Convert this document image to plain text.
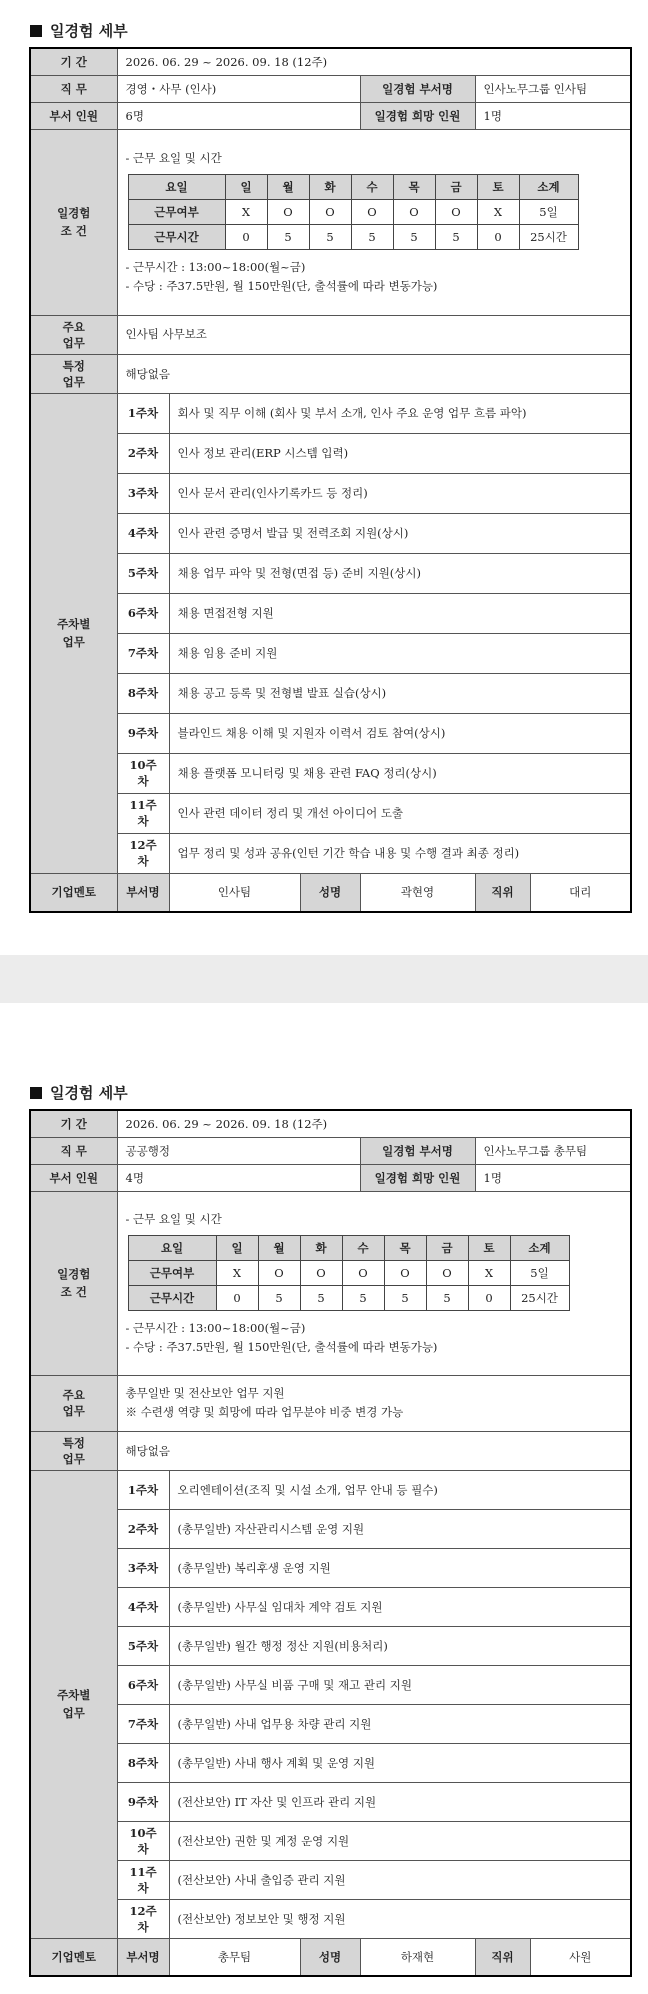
일경험 세부
기 간	2026. 06. 29 ~ 2026. 09. 18 (12주)
직 무	경영・사무 (인사)	일경험 부서명	인사노무그룹 인사팀
부서 인원	6명	일경험 희망 인원	1명
일경험
조 건	
- 근무 요일 및 시간
요일	일	월	화	수	목	금	토	소계
근무여부	X	O	O	O	O	O	X	5일
근무시간	0	5	5	5	5	5	0	25시간
- 근무시간 : 13:00~18:00(월~금)
- 수당 : 주37.5만원, 월 150만원(단, 출석률에 따라 변동가능)

주요
업무	
인사팀 사무보조

특정
업무	해당없음
주차별
업무	1주차	회사 및 직무 이해 (회사 및 부서 소개, 인사 주요 운영 업무 흐름 파악)
2주차	인사 정보 관리(ERP 시스템 입력)
3주차	인사 문서 관리(인사기록카드 등 정리)
4주차	인사 관련 증명서 발급 및 전력조회 지원(상시)
5주차	채용 업무 파악 및 전형(면접 등) 준비 지원(상시)
6주차	채용 면접전형 지원
7주차	채용 임용 준비 지원
8주차	채용 공고 등록 및 전형별 발표 실습(상시)
9주차	블라인드 채용 이해 및 지원자 이력서 검토 참여(상시)
10주차	채용 플랫폼 모니터링 및 채용 관련 FAQ 정리(상시)
11주차	인사 관련 데이터 정리 및 개선 아이디어 도출
12주차	업무 정리 및 성과 공유(인턴 기간 학습 내용 및 수행 결과 최종 정리)
기업멘토	부서명	인사팀	성명	곽현영	직위	대리
일경험 세부
기 간	2026. 06. 29 ~ 2026. 09. 18 (12주)
직 무	공공행정	일경험 부서명	인사노무그룹 총무팀
부서 인원	4명	일경험 희망 인원	1명
일경험
조 건	
- 근무 요일 및 시간
요일	일	월	화	수	목	금	토	소계
근무여부	X	O	O	O	O	O	X	5일
근무시간	0	5	5	5	5	5	0	25시간
- 근무시간 : 13:00~18:00(월~금)
- 수당 : 주37.5만원, 월 150만원(단, 출석률에 따라 변동가능)

주요
업무	
총무일반 및 전산보안 업무 지원
※ 수련생 역량 및 희망에 따라 업무분야 비중 변경 가능

특정
업무	해당없음
주차별
업무	1주차	오리엔테이션(조직 및 시설 소개, 업무 안내 등 필수)
2주차	(총무일반) 자산관리시스템 운영 지원
3주차	(총무일반) 복리후생 운영 지원
4주차	(총무일반) 사무실 임대차 계약 검토 지원
5주차	(총무일반) 월간 행정 정산 지원(비용처리)
6주차	(총무일반) 사무실 비품 구매 및 재고 관리 지원
7주차	(총무일반) 사내 업무용 차량 관리 지원
8주차	(총무일반) 사내 행사 계획 및 운영 지원
9주차	(전산보안) IT 자산 및 인프라 관리 지원
10주차	(전산보안) 권한 및 계정 운영 지원
11주차	(전산보안) 사내 출입증 관리 지원
12주차	(전산보안) 정보보안 및 행정 지원
기업멘토	부서명	총무팀	성명	하재현	직위	사원
